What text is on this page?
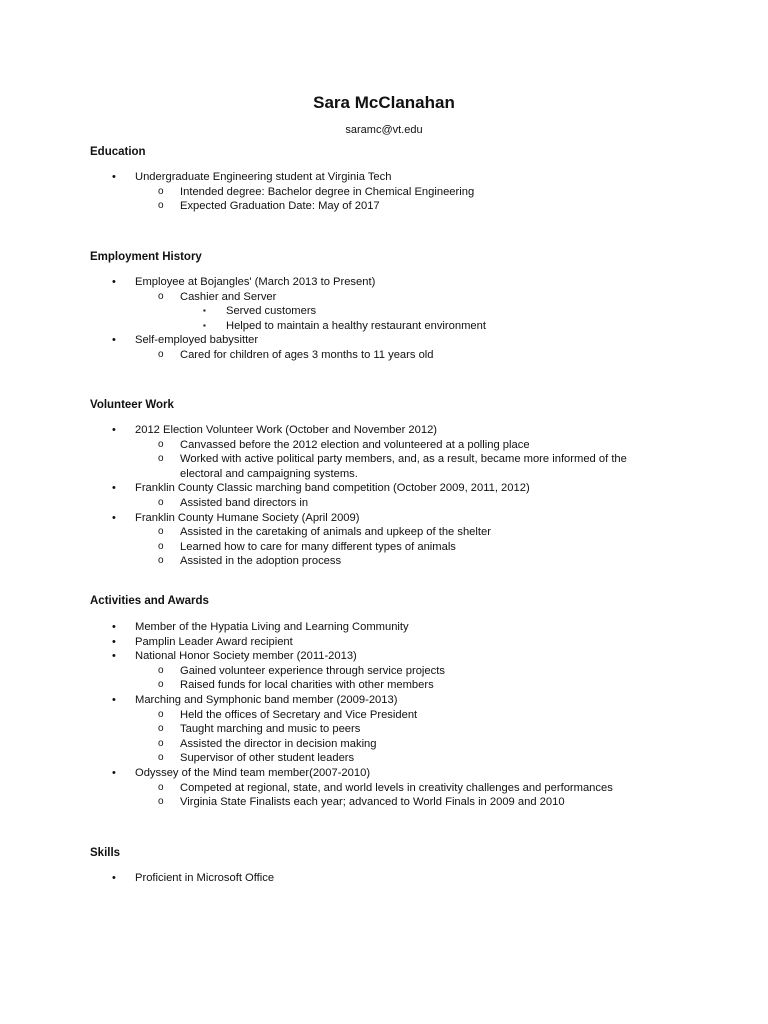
Sara McClanahan
saramc@vt.edu
Education
• Undergraduate Engineering student at Virginia Tech
o Intended degree: Bachelor degree in Chemical Engineering
o Expected Graduation Date: May of 2017
Employment History
• Employee at Bojangles' (March 2013 to Present)
o Cashier and Server
▪ Served customers
▪ Helped to maintain a healthy restaurant environment
• Self-employed babysitter
o Cared for children of ages 3 months to 11 years old
Volunteer Work
• 2012 Election Volunteer Work (October and November 2012)
o Canvassed before the 2012 election and volunteered at a polling place
o Worked with active political party members, and, as a result, became more informed of the
electoral and campaigning systems.
• Franklin County Classic marching band competition (October 2009, 2011, 2012)
o Assisted band directors in
• Franklin County Humane Society (April 2009)
o Assisted in the caretaking of animals and upkeep of the shelter
o Learned how to care for many different types of animals
o Assisted in the adoption process
Activities and Awards
• Member of the Hypatia Living and Learning Community
• Pamplin Leader Award recipient
• National Honor Society member (2011-2013)
o Gained volunteer experience through service projects
o Raised funds for local charities with other members
• Marching and Symphonic band member (2009-2013)
o Held the offices of Secretary and Vice President
o Taught marching and music to peers
o Assisted the director in decision making
o Supervisor of other student leaders
• Odyssey of the Mind team member(2007-2010)
o Competed at regional, state, and world levels in creativity challenges and performances
o Virginia State Finalists each year; advanced to World Finals in 2009 and 2010
Skills
• Proficient in Microsoft Office
